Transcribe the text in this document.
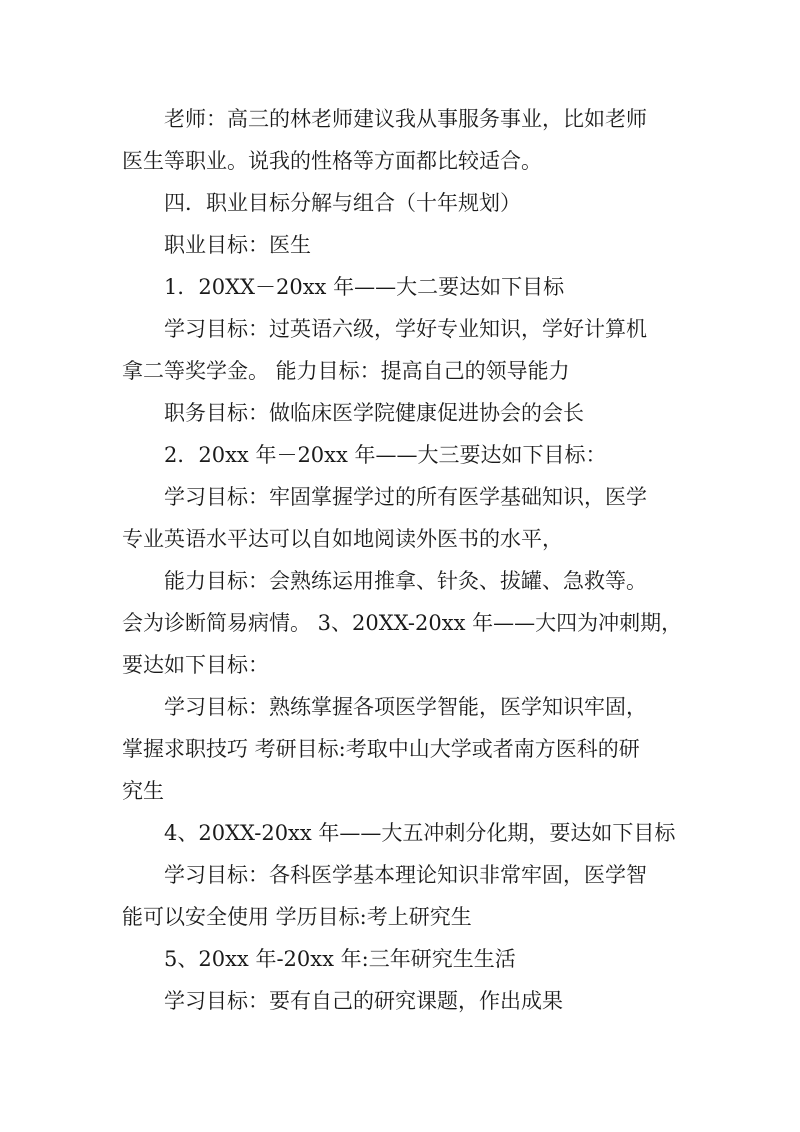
老师：高三的林老师建议我从事服务事业，比如老师
医生等职业。说我的性格等方面都比较适合。
四．职业目标分解与组合（十年规划）
职业目标：医生
1．20XX－20xx 年——大二要达如下目标
学习目标：过英语六级，学好专业知识，学好计算机
拿二等奖学金。 能力目标：提高自己的领导能力
职务目标：做临床医学院健康促进协会的会长
2．20xx 年－20xx 年——大三要达如下目标：
学习目标：牢固掌握学过的所有医学基础知识，医学
专业英语水平达可以自如地阅读外医书的水平，
能力目标：会熟练运用推拿、针灸、拔罐、急救等。
会为诊断简易病情。 3、20XX-20xx 年——大四为冲刺期，
要达如下目标：
学习目标：熟练掌握各项医学智能，医学知识牢固，
掌握求职技巧 考研目标:考取中山大学或者南方医科的研
究生
4、20XX-20xx 年——大五冲刺分化期，要达如下目标
学习目标：各科医学基本理论知识非常牢固，医学智
能可以安全使用 学历目标:考上研究生
5、20xx 年-20xx 年:三年研究生生活
学习目标：要有自己的研究课题，作出成果
